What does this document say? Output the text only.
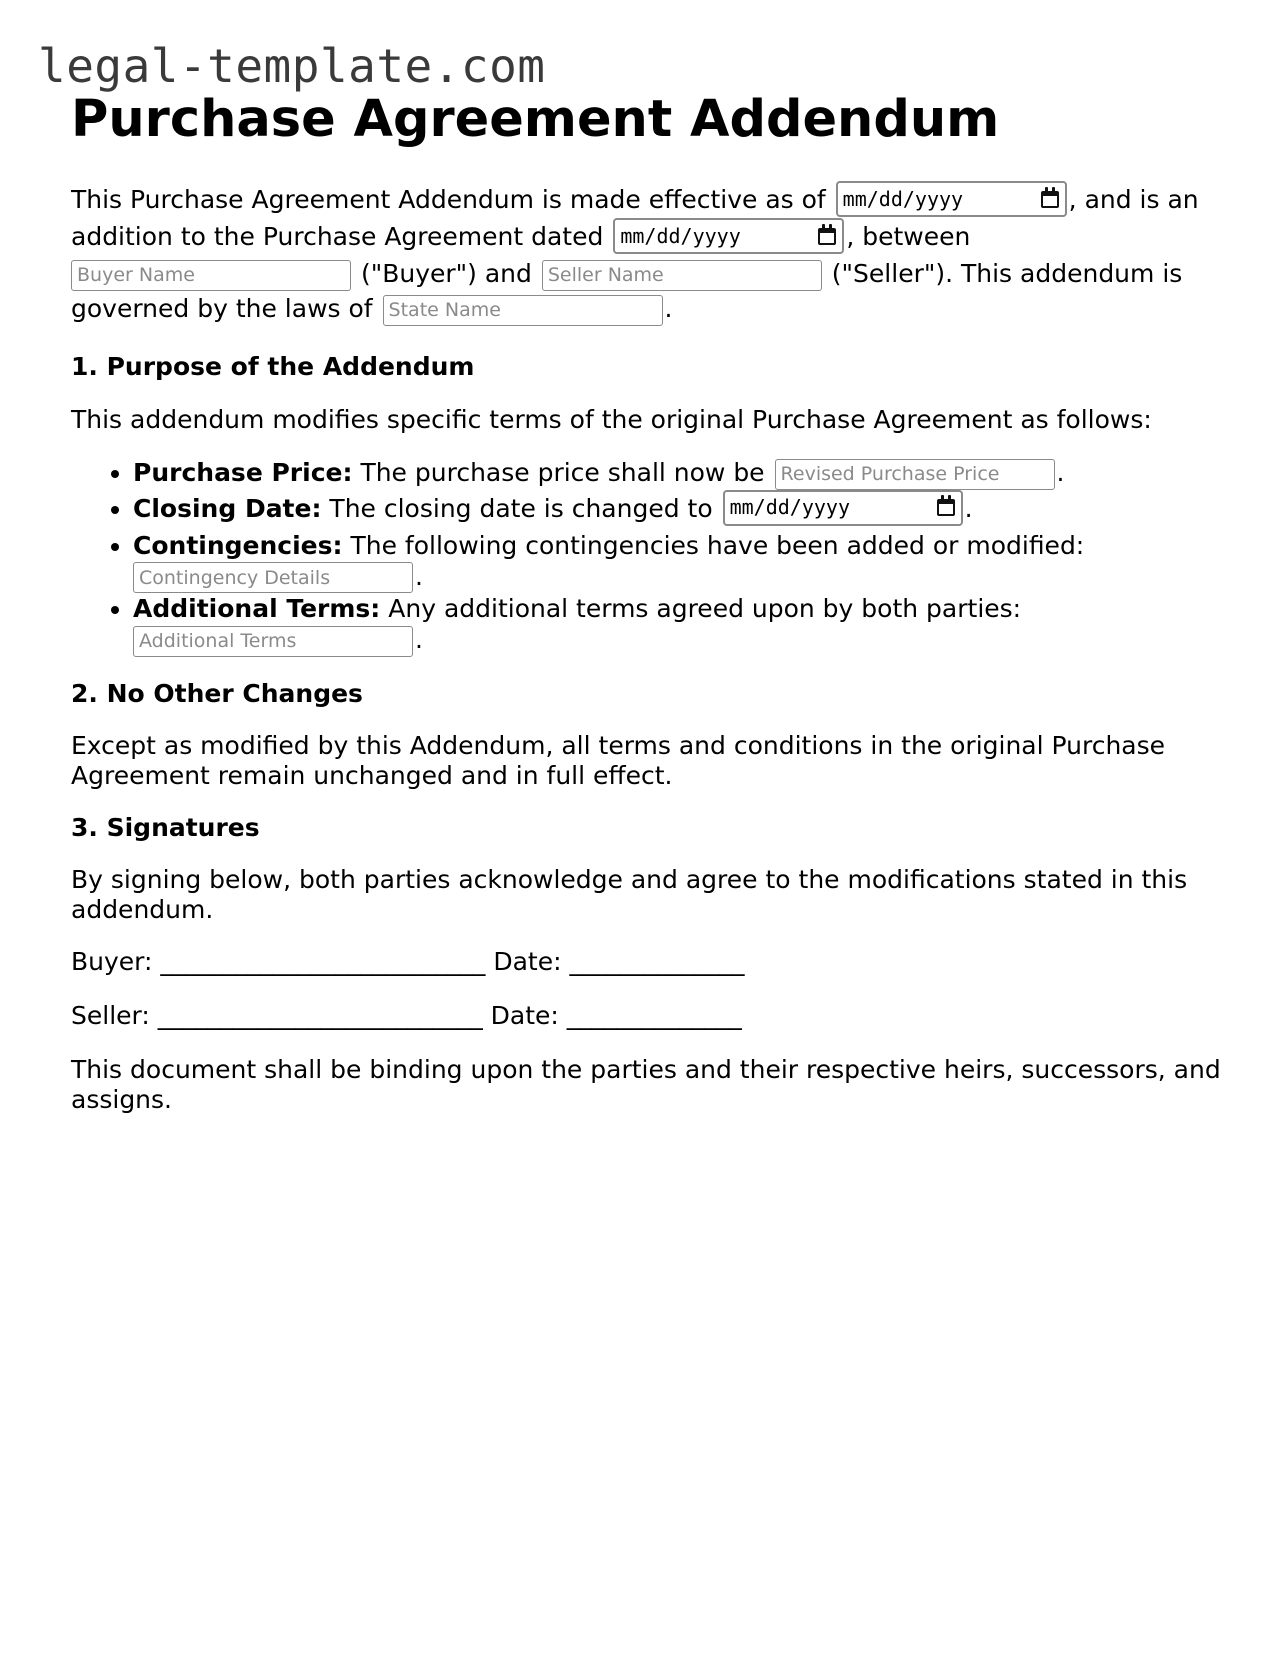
legal-template.com
Purchase Agreement Addendum
This Purchase Agreement Addendum is made effective as of mm/dd/yyyy	, and is an
addition to the Purchase Agreement dated mm/dd/yyyy	, between
Buyer Name ("Buyer") and Seller Name	("Seller"). This addendum is
governed by the laws of State Name	.
1. Purpose of the Addendum

This addendum modifies specific terms of the original Purchase Agreement as follows:

• Purchase Price: The purchase price shall now be Revised Purchase Price	.
• Closing Date: The closing date is changed to mm/dd/yyyy	.
• Contingencies: The following contingencies have been added or modified:
Contingency Details.
• Additional Terms: Any additional terms agreed upon by both parties:
Additional Terms.
2. No Other Changes

Except as modified by this Addendum, all terms and conditions in the original Purchase Agreement remain unchanged and in full effect.

3. Signatures

By signing below, both parties acknowledge and agree to the modifications stated in this addendum.

Buyer: __________________________ Date: ______________
Seller: __________________________ Date: ______________

This document shall be binding upon the parties and their respective heirs, successors, and assigns.
